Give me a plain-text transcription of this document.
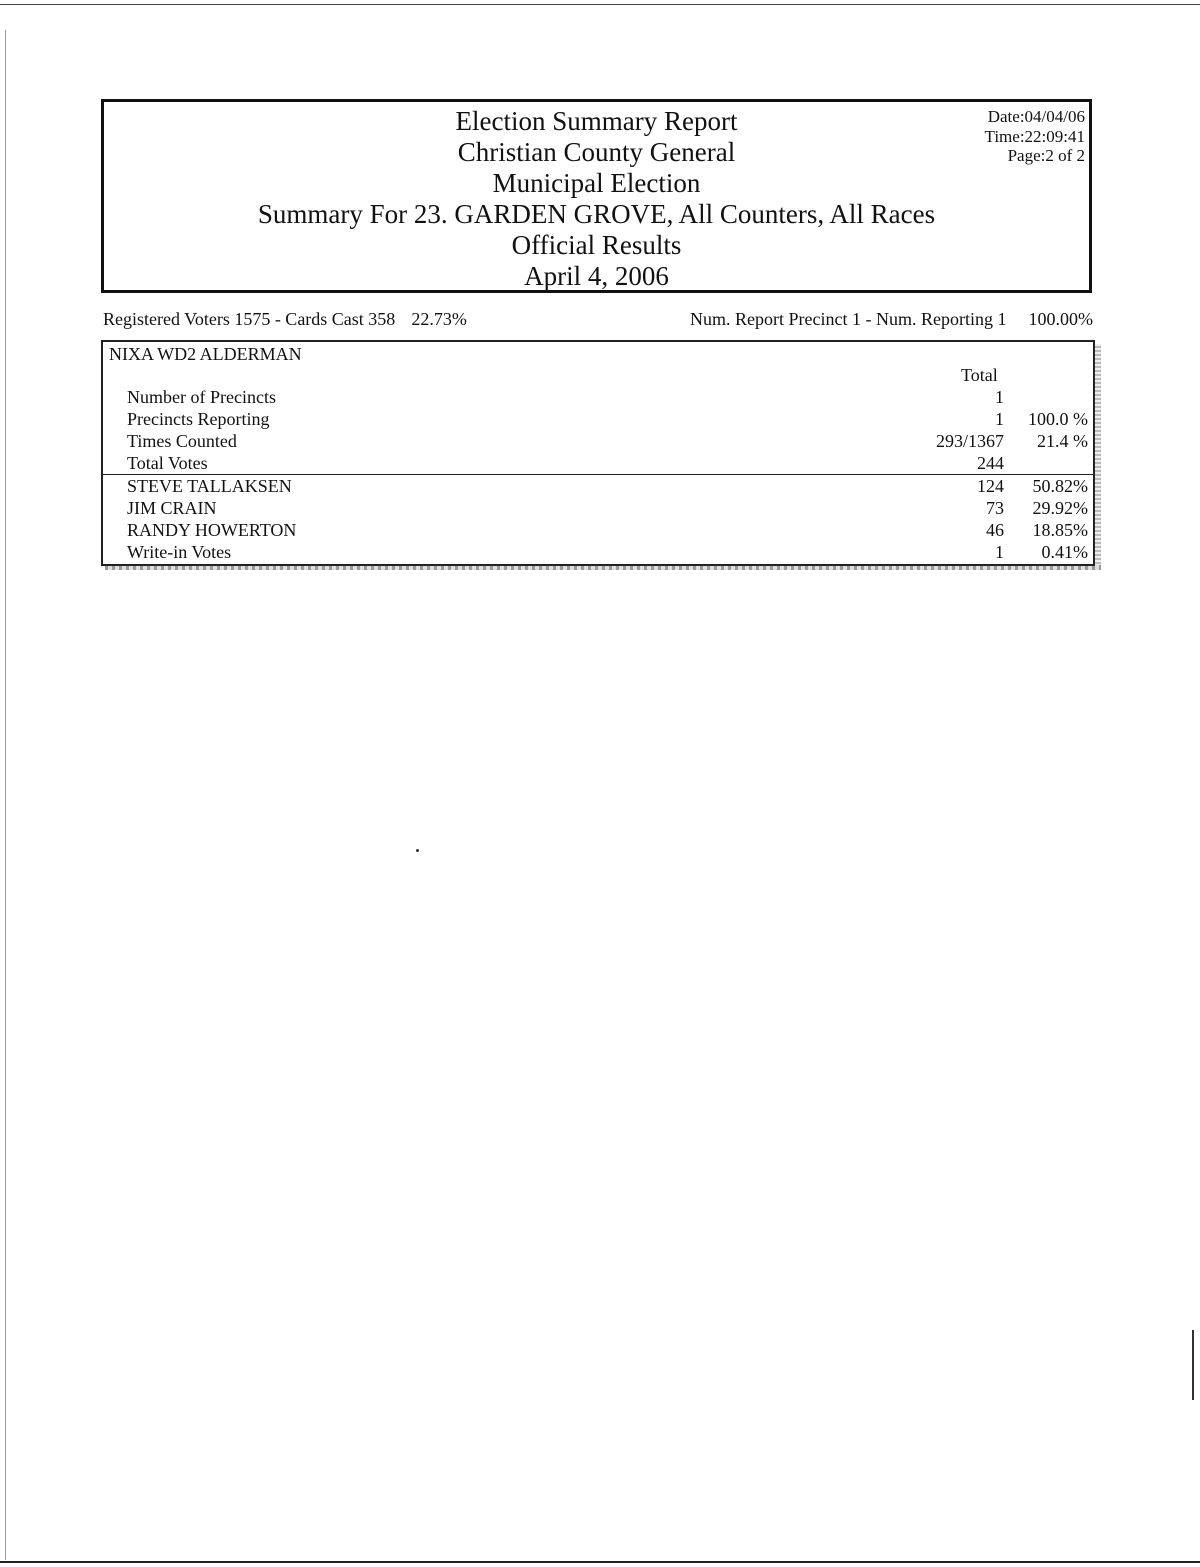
Election Summary Report
Christian County General
Municipal Election
Summary For 23. GARDEN GROVE, All Counters, All Races
Official Results
April 4, 2006
Date:04/04/06
Time:22:09:41
Page:2 of 2
Registered Voters 1575 - Cards Cast 358 22.73%	Num. Report Precinct 1 - Num. Reporting 1 100.00%
NIXA WD2 ALDERMAN
Total
Number of Precincts	1
Precincts Reporting	1 100.0 %
Times Counted	293/1367 21.4 %
Total Votes	244
STEVE TALLAKSEN	124 50.82%
JIM CRAIN	73 29.92%
RANDY HOWERTON	46 18.85%
Write-in Votes	1 0.41%
